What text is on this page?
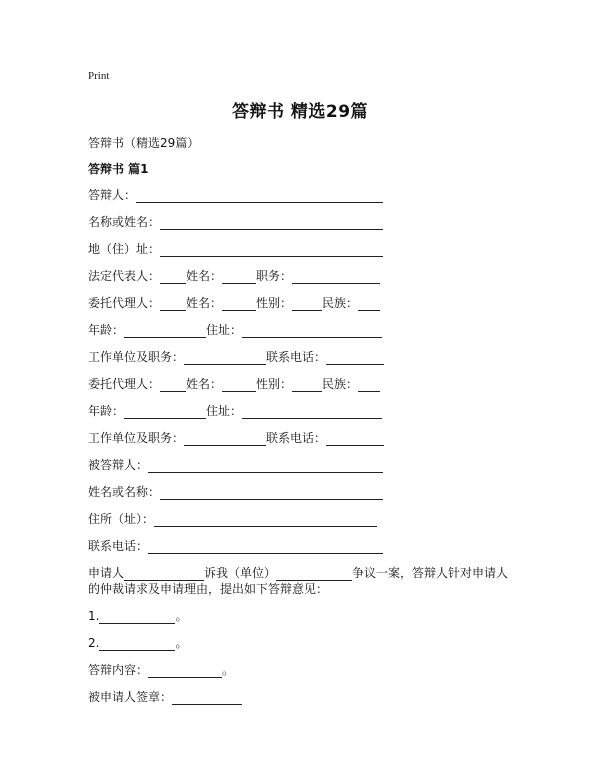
Print
答辩书 精选29篇
答辩书（精选29篇）
答辩书 篇1
答辩人：
名称或姓名：
地（住）址：
法定代表人： 姓名：	职务：
委托代理人： 姓名：	性别：	民族：
年龄：	住址：
工作单位及职务：	联系电话：
委托代理人： 姓名：	性别：	民族：
年龄：	住址：
工作单位及职务：	联系电话：
被答辩人：
姓名或名称：
住所（址）：
联系电话：
申请人	诉我（单位）	争议一案，答辩人针对申请人的仲裁请求及申请理由，提出如下答辩意见：
1.	。
2.	。
答辩内容：	。
被申请人签章：
